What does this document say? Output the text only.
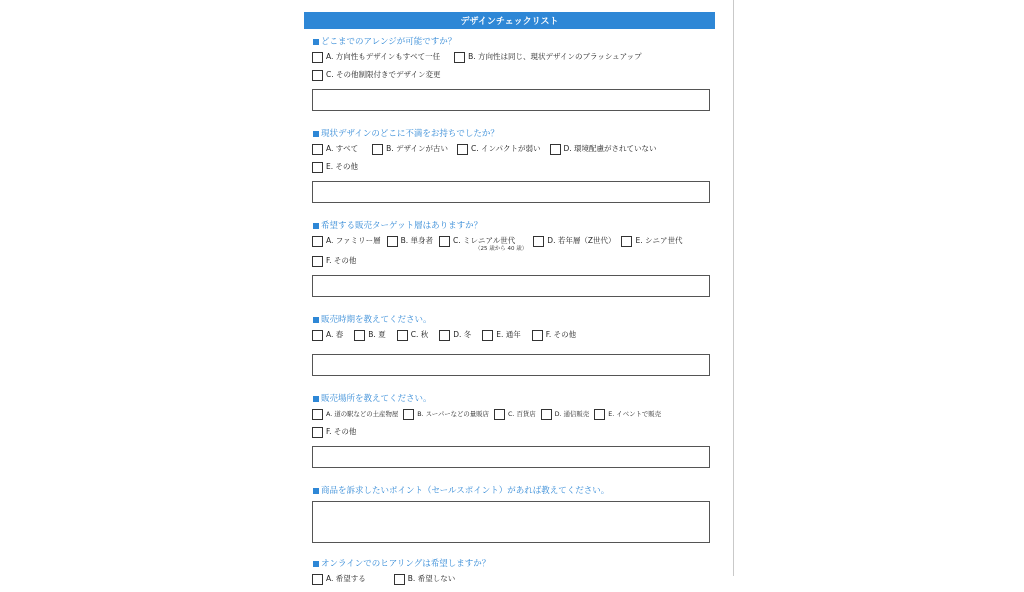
デザインチェックリスト
どこまでのアレンジが可能ですか？
A. 方向性もデザインもすべて一任	B. 方向性は同じ、現状デザインのブラッシュアップ
C. その他制限付きでデザイン変更
現状デザインのどこに不満をお持ちでしたか？
A. すべて	B. デザインが古い	C. インパクトが弱い	D. 環境配慮がされていない
E. その他
希望する販売ターゲット層はありますか？
A. ファミリー層	B. 単身者	C. ミレニアル世代
（25 歳から 40 歳）
D. 若年層（Z世代）	E. シニア世代
F. その他
販売時期を教えてください。
A. 春	B. 夏	C. 秋	D. 冬	E. 通年	F. その他
販売場所を教えてください。
A. 道の駅などの土産物屋	B. スーパーなどの量販店	C. 百貨店	D. 通信販売	E. イベントで販売
F. その他
商品を訴求したいポイント（セールスポイント）があれば教えてください。
オンラインでのヒアリングは希望しますか？
A. 希望する	B. 希望しない
